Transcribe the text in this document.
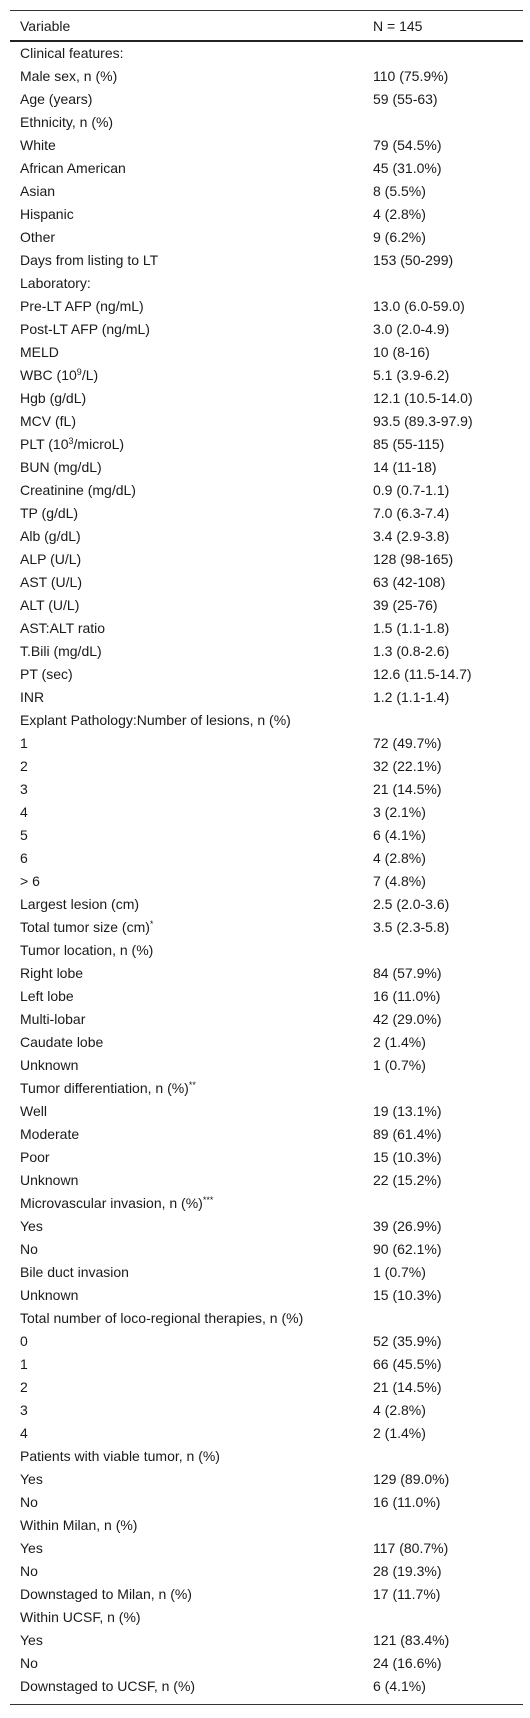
Variable	N = 145
Clinical features:
Male sex, n (%)	110 (75.9%)
Age (years)	59 (55-63)
Ethnicity, n (%)
White	79 (54.5%)
African American	45 (31.0%)
Asian	8 (5.5%)
Hispanic	4 (2.8%)
Other	9 (6.2%)
Days from listing to LT	153 (50-299)
Laboratory:
Pre-LT AFP (ng/mL)	13.0 (6.0-59.0)
Post-LT AFP (ng/mL)	3.0 (2.0-4.9)
MELD	10 (8-16)
WBC $(10^9/L)$	5.1 (3.9-6.2)
Hgb (g/dL)	12.1 (10.5-14.0)
MCV (fL)	93.5 (89.3-97.9)
PLT $(10^3/microL)$	85 (55-115)
BUN (mg/dL)	14 (11-18)
Creatinine (mg/dL)	0.9 (0.7-1.1)
TP (g/dL)	7.0 (6.3-7.4)
Alb (g/dL)	3.4 (2.9-3.8)
ALP (U/L)	128 (98-165)
AST (U/L)	63 (42-108)
ALT (U/L)	39 (25-76)
AST:ALT ratio	1.5 (1.1-1.8)
T.Bili (mg/dL)	1.3 (0.8-2.6)
PT (sec)	12.6 (11.5-14.7)
INR	1.2 (1.1-1.4)
Explant Pathology:Number of lesions, n (%)
1	72 (49.7%)
2	32 (22.1%)
3	21 (14.5%)
4	3 (2.1%)
5	6 (4.1%)
6	4 (2.8%)
> 6	7 (4.8%)
Largest lesion (cm)	2.5 (2.0-3.6)
Total tumor size (cm)*	3.5 (2.3-5.8)
Tumor location, n (%)
Right lobe	84 (57.9%)
Left lobe	16 (11.0%)
Multi-lobar	42 (29.0%)
Caudate lobe	2 (1.4%)
Unknown	1 (0.7%)
Tumor differentiation, n (%)**
Well	19 (13.1%)
Moderate	89 (61.4%)
Poor	15 (10.3%)
Unknown	22 (15.2%)
Microvascular invasion, n (%)***
Yes	39 (26.9%)
No	90 (62.1%)
Bile duct invasion	1 (0.7%)
Unknown	15 (10.3%)
Total number of loco-regional therapies, n (%)
0	52 (35.9%)
1	66 (45.5%)
2	21 (14.5%)
3	4 (2.8%)
4	2 (1.4%)
Patients with viable tumor, n (%)
Yes	129 (89.0%)
No	16 (11.0%)
Within Milan, n (%)
Yes	117 (80.7%)
No	28 (19.3%)
Downstaged to Milan, n (%)	17 (11.7%)
Within UCSF, n (%)
Yes	121 (83.4%)
No	24 (16.6%)
Downstaged to UCSF, n (%)	6 (4.1%)
